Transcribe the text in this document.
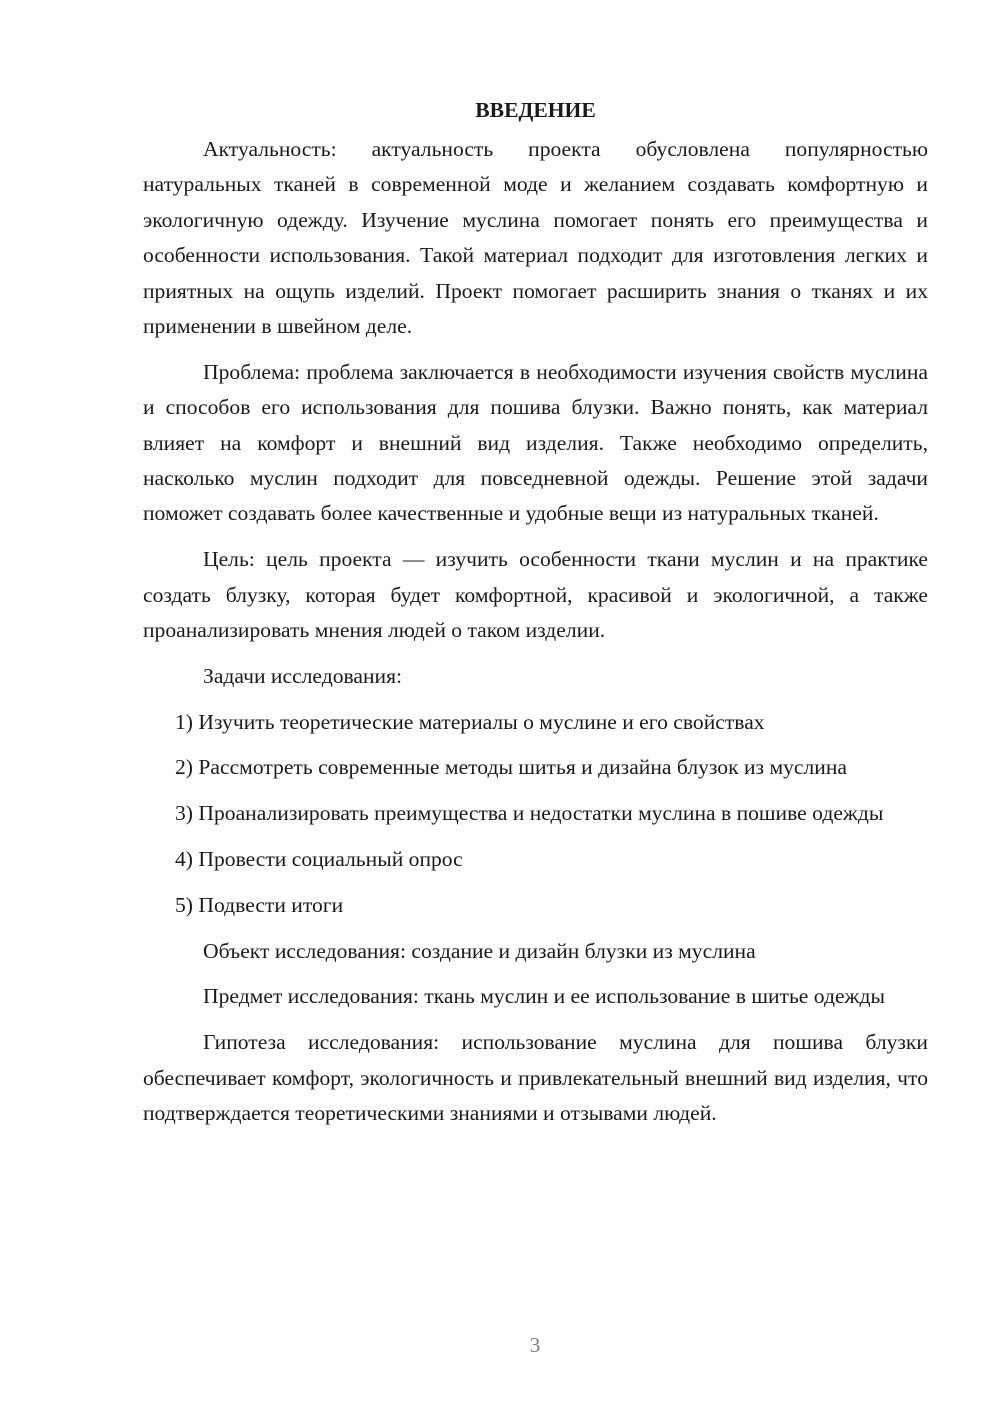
ВВЕДЕНИЕ

Актуальность: актуальность проекта обусловлена популярностью натуральных тканей в современной моде и желанием создавать комфортную и экологичную одежду. Изучение муслина помогает понять его преимущества и особенности использования. Такой материал подходит для изготовления легких и приятных на ощупь изделий. Проект помогает расширить знания о тканях и их применении в швейном деле.

Проблема: проблема заключается в необходимости изучения свойств муслина и способов его использования для пошива блузки. Важно понять, как материал влияет на комфорт и внешний вид изделия. Также необходимо определить, насколько муслин подходит для повседневной одежды. Решение этой задачи поможет создавать более качественные и удобные вещи из натуральных тканей.

Цель: цель проекта — изучить особенности ткани муслин и на практике создать блузку, которая будет комфортной, красивой и экологичной, а также проанализировать мнения людей о таком изделии.

Задачи исследования:

1) Изучить теоретические материалы о муслине и его свойствах

2) Рассмотреть современные методы шитья и дизайна блузок из муслина

3) Проанализировать преимущества и недостатки муслина в пошиве одежды

4) Провести социальный опрос

5) Подвести итоги

Объект исследования: создание и дизайн блузки из муслина

Предмет исследования: ткань муслин и ее использование в шитье одежды

Гипотеза исследования: использование муслина для пошива блузки обеспечивает комфорт, экологичность и привлекательный внешний вид изделия, что подтверждается теоретическими знаниями и отзывами людей.

3
